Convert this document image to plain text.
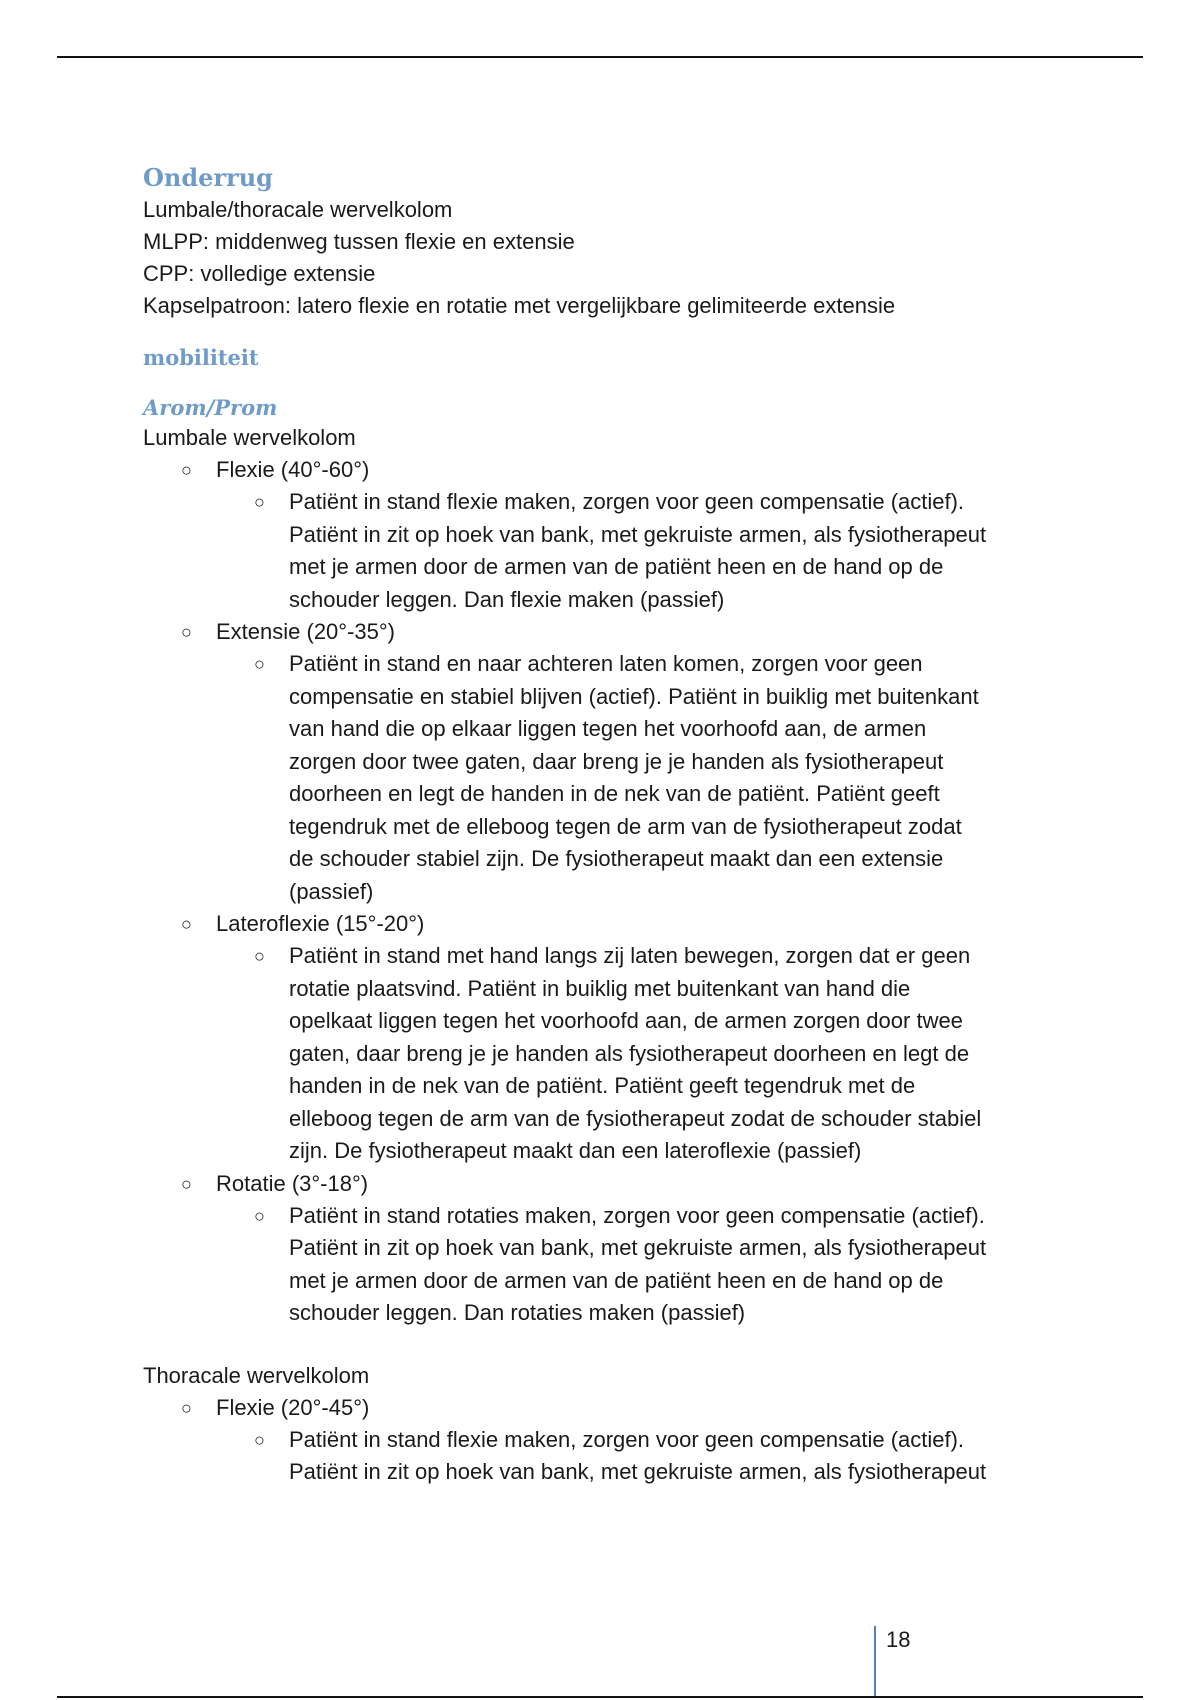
Onderrug

Lumbale/thoracale wervelkolom

MLPP: middenweg tussen flexie en extensie

CPP: volledige extensie

Kapselpatroon: latero flexie en rotatie met vergelijkbare gelimiteerde extensie

mobiliteit
Arom/Prom

Lumbale wervelkolom

○ Flexie (40°-60°)
○ Patiënt in stand flexie maken, zorgen voor geen compensatie (actief). Patiënt in zit op hoek van bank, met gekruiste armen, als fysiotherapeut met je armen door de armen van de patiënt heen en de hand op de schouder leggen. Dan flexie maken (passief)
○ Extensie (20°-35°)
○ Patiënt in stand en naar achteren laten komen, zorgen voor geen compensatie en stabiel blijven (actief). Patiënt in buiklig met buitenkant van hand die op elkaar liggen tegen het voorhoofd aan, de armen zorgen door twee gaten, daar breng je je handen als fysiotherapeut doorheen en legt de handen in de nek van de patiënt. Patiënt geeft tegendruk met de elleboog tegen de arm van de fysiotherapeut zodat de schouder stabiel zijn. De fysiotherapeut maakt dan een extensie (passief)
○ Lateroflexie (15°-20°)
○ Patiënt in stand met hand langs zij laten bewegen, zorgen dat er geen rotatie plaatsvind. Patiënt in buiklig met buitenkant van hand die opelkaat liggen tegen het voorhoofd aan, de armen zorgen door twee gaten, daar breng je je handen als fysiotherapeut doorheen en legt de handen in de nek van de patiënt. Patiënt geeft tegendruk met de elleboog tegen de arm van de fysiotherapeut zodat de schouder stabiel zijn. De fysiotherapeut maakt dan een lateroflexie (passief)
○ Rotatie (3°-18°)
○ Patiënt in stand rotaties maken, zorgen voor geen compensatie (actief). Patiënt in zit op hoek van bank, met gekruiste armen, als fysiotherapeut met je armen door de armen van de patiënt heen en de hand op de schouder leggen. Dan rotaties maken (passief)

Thoracale wervelkolom

○ Flexie (20°-45°)
○ Patiënt in stand flexie maken, zorgen voor geen compensatie (actief). Patiënt in zit op hoek van bank, met gekruiste armen, als fysiotherapeut
18
